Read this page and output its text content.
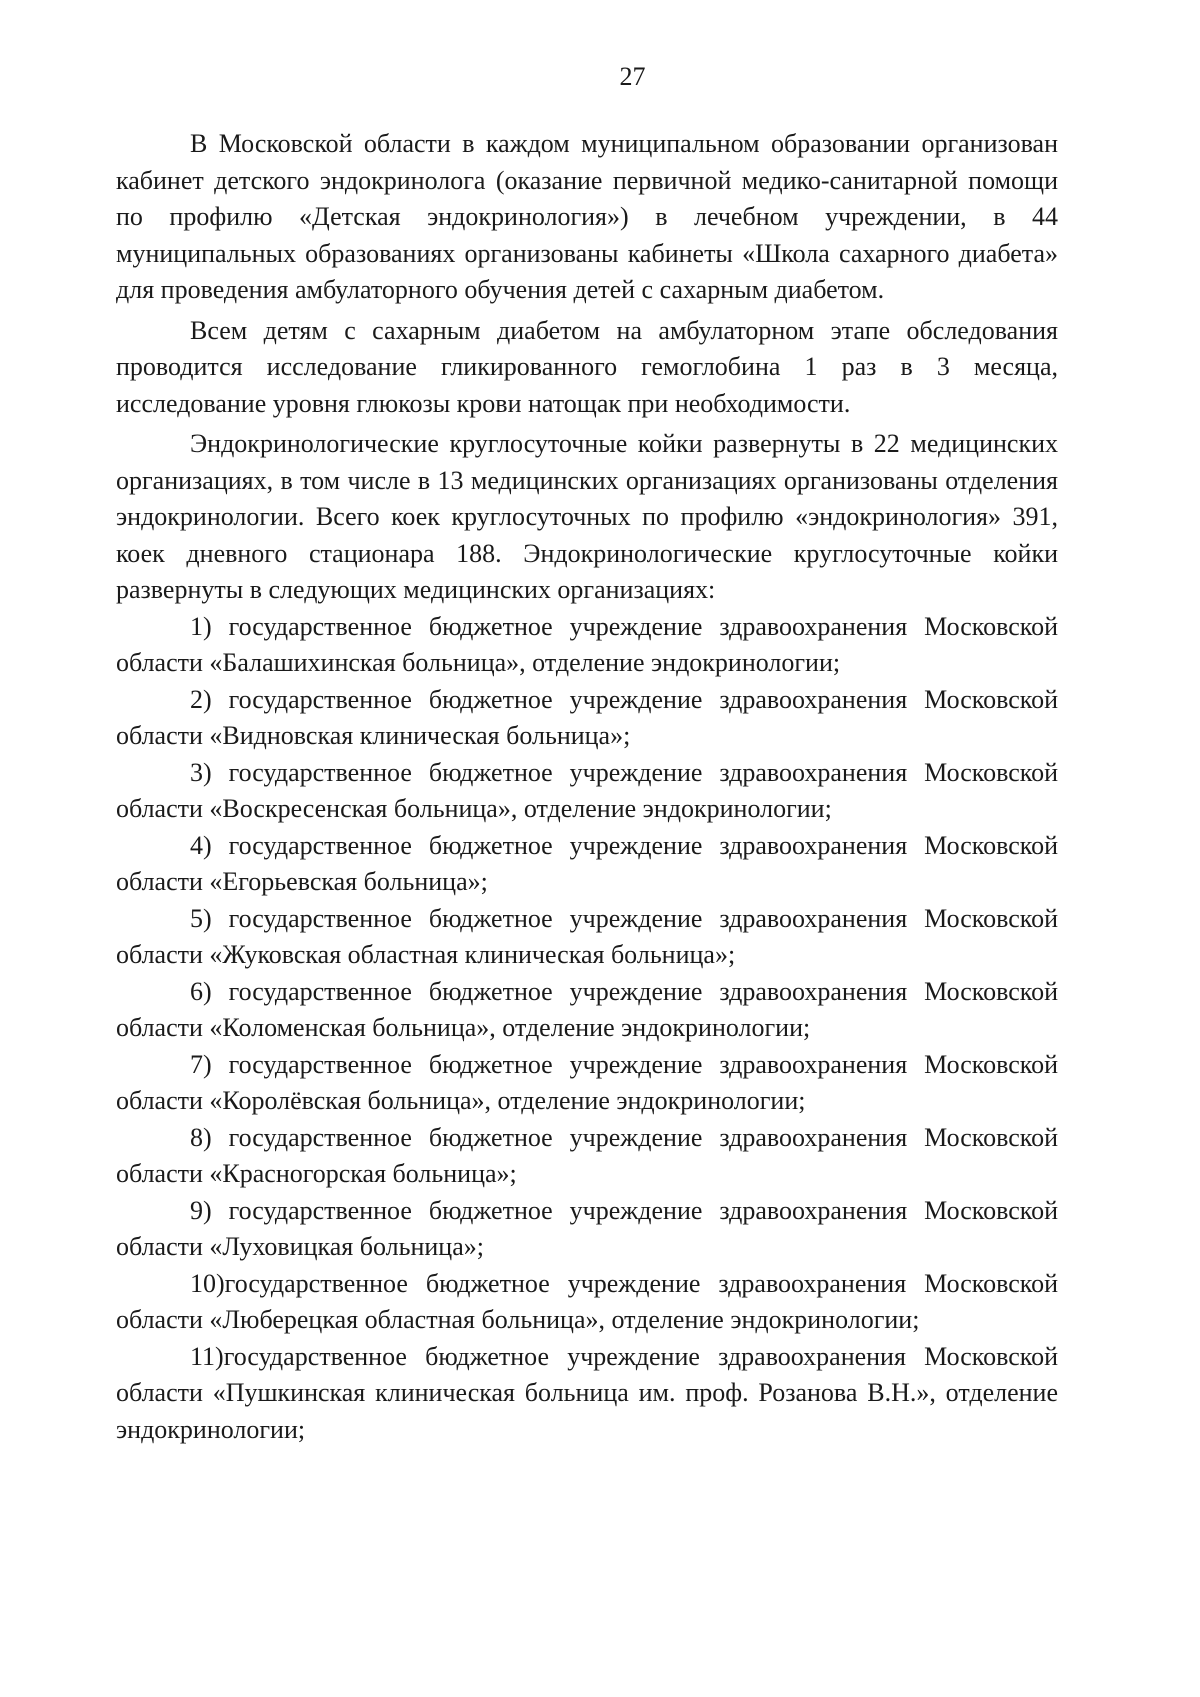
27

В Московской области в каждом муниципальном образовании организован кабинет детского эндокринолога (оказание первичной медико-санитарной помощи по профилю «Детская эндокринология») в лечебном учреждении, в 44 муниципальных образованиях организованы кабинеты «Школа сахарного диабета» для проведения амбулаторного обучения детей с сахарным диабетом.

Всем детям с сахарным диабетом на амбулаторном этапе обследования проводится исследование гликированного гемоглобина 1 раз в 3 месяца, исследование уровня глюкозы крови натощак при необходимости.

Эндокринологические круглосуточные койки развернуты в 22 медицинских организациях, в том числе в 13 медицинских организациях организованы отделения эндокринологии. Всего коек круглосуточных по профилю «эндокринология» 391, коек дневного стационара 188. Эндокринологические круглосуточные койки развернуты в следующих медицинских организациях:

1) государственное бюджетное учреждение здравоохранения Московской области «Балашихинская больница», отделение эндокринологии;

2) государственное бюджетное учреждение здравоохранения Московской области «Видновская клиническая больница»;

3) государственное бюджетное учреждение здравоохранения Московской области «Воскресенская больница», отделение эндокринологии;

4) государственное бюджетное учреждение здравоохранения Московской области «Егорьевская больница»;

5) государственное бюджетное учреждение здравоохранения Московской области «Жуковская областная клиническая больница»;

6) государственное бюджетное учреждение здравоохранения Московской области «Коломенская больница», отделение эндокринологии;

7) государственное бюджетное учреждение здравоохранения Московской области «Королёвская больница», отделение эндокринологии;

8) государственное бюджетное учреждение здравоохранения Московской области «Красногорская больница»;

9) государственное бюджетное учреждение здравоохранения Московской области «Луховицкая больница»;

10)государственное бюджетное учреждение здравоохранения Московской области «Люберецкая областная больница», отделение эндокринологии;

11)государственное бюджетное учреждение здравоохранения Московской области «Пушкинская клиническая больница им. проф. Розанова В.Н.», отделение эндокринологии;
